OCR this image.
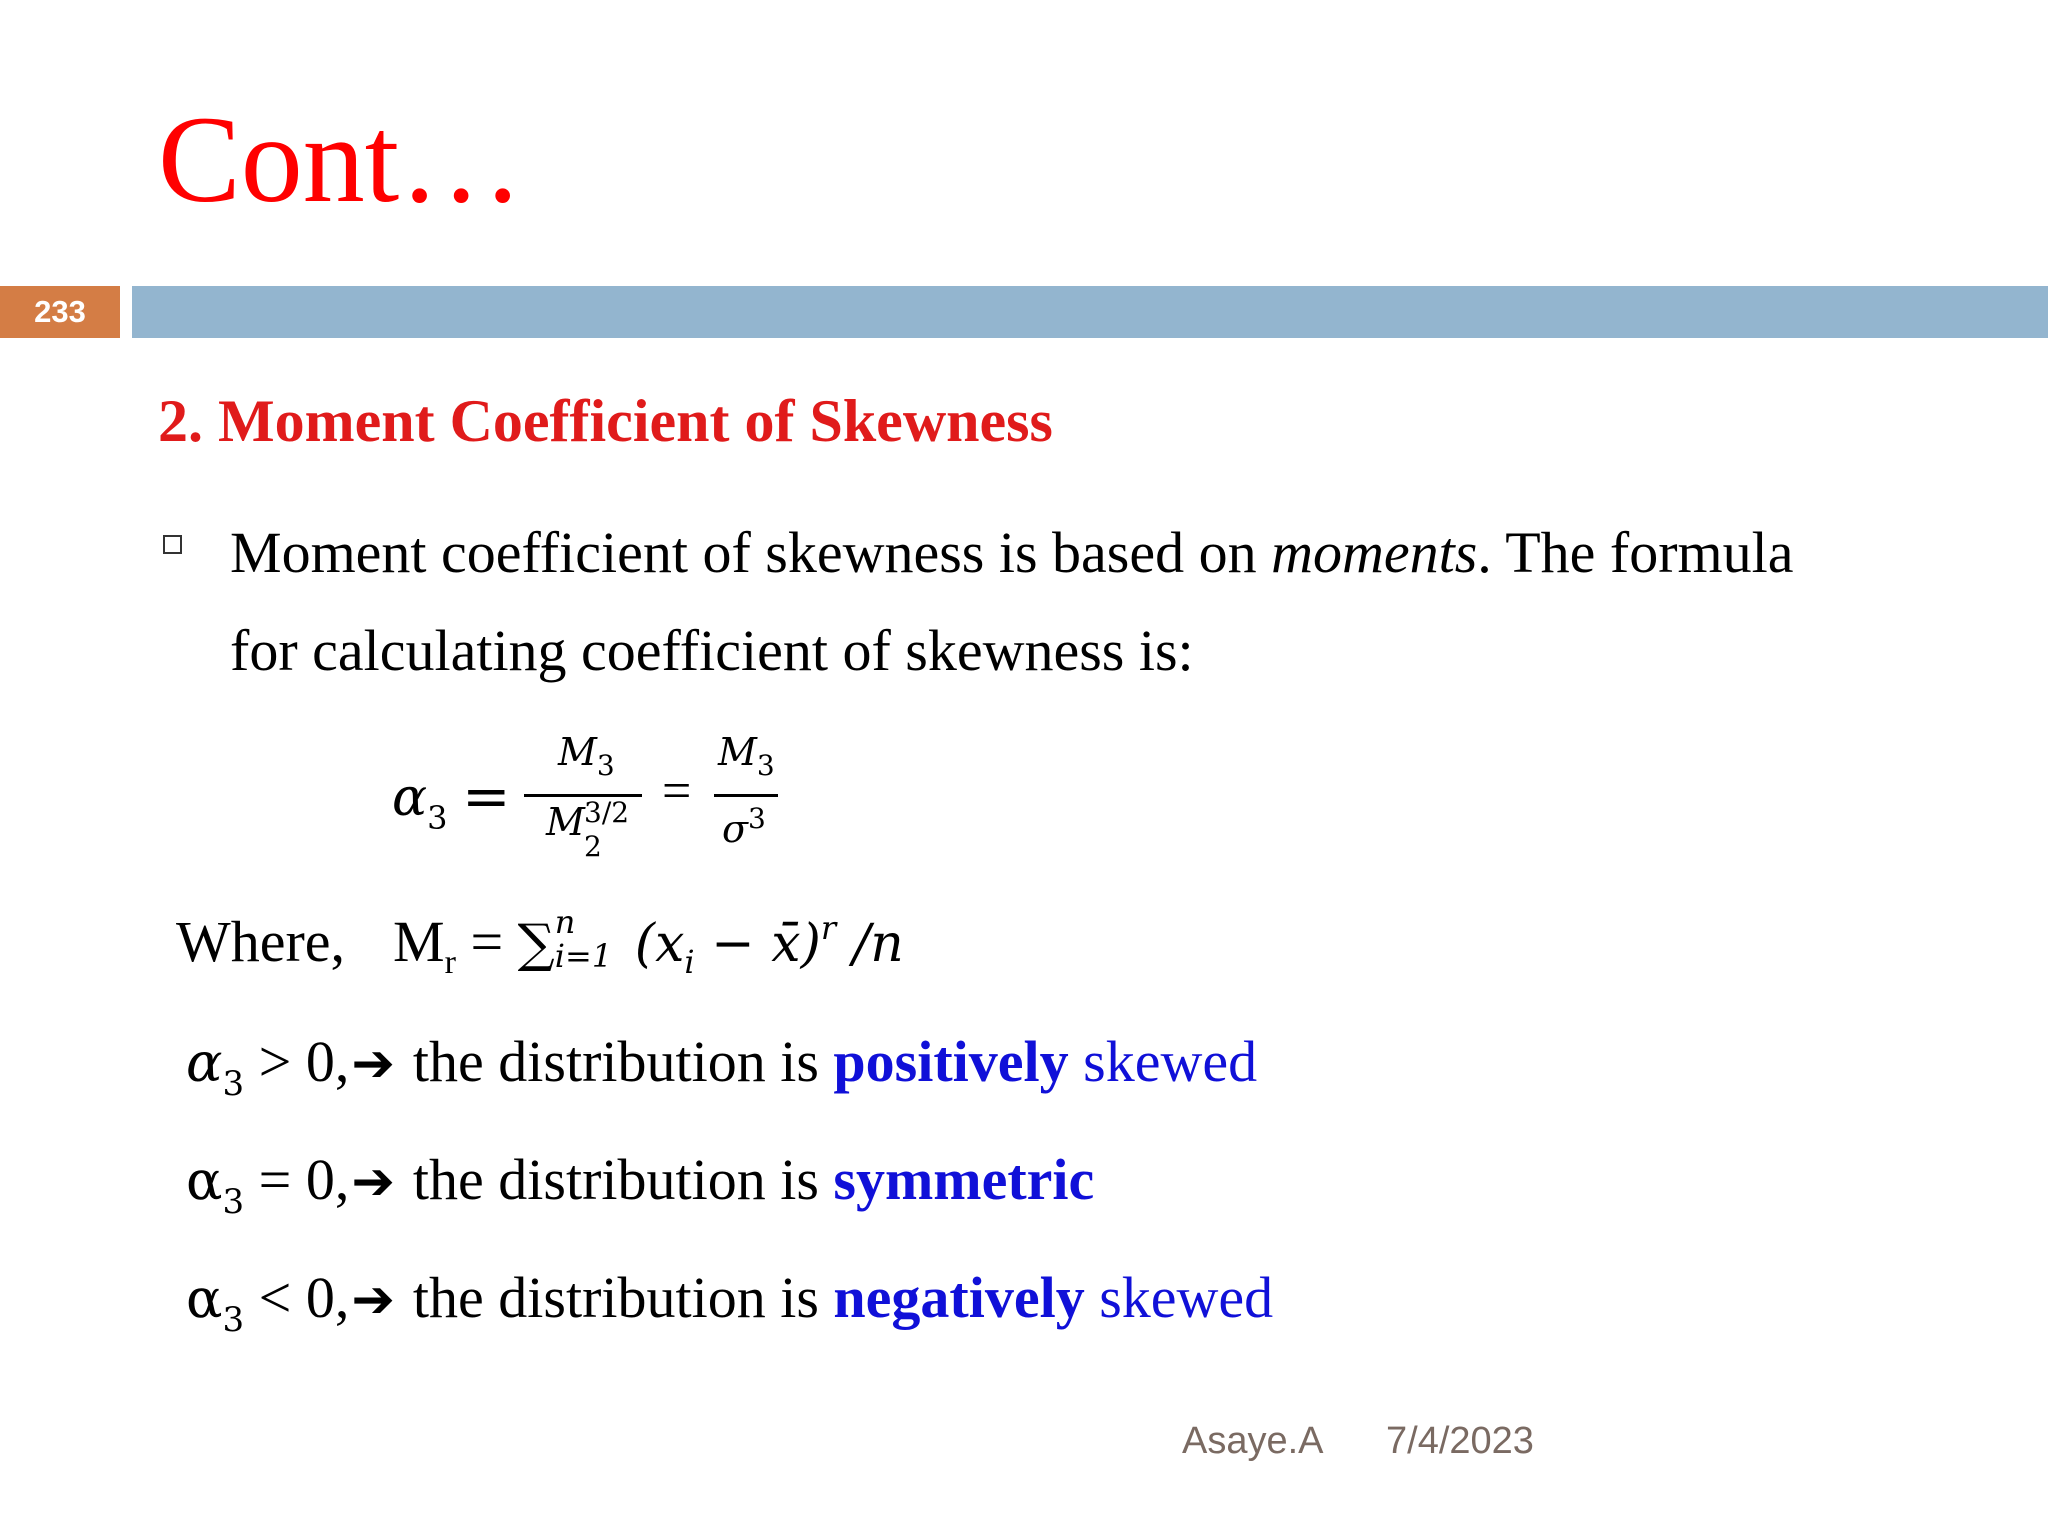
Cont…
233
2. Moment Coefficient of Skewness
Moment coefficient of skewness is based on moments. The formula
for calculating coefficient of skewness is:
$\alpha_3$ =
$M_3$
M 3/2
2
=
$M_3$
$\sigma^3$
Where, $M_r$ = ∑ n
i=1 ($x_i$ − x̄)$^r$ /n
$\alpha_3$ > 0,➔ the distribution is positively skewed
$\alpha_3$ = 0,➔ the distribution is symmetric
$\alpha_3$ < 0,➔ the distribution is negatively skewed
Asaye.A 7/4/2023
